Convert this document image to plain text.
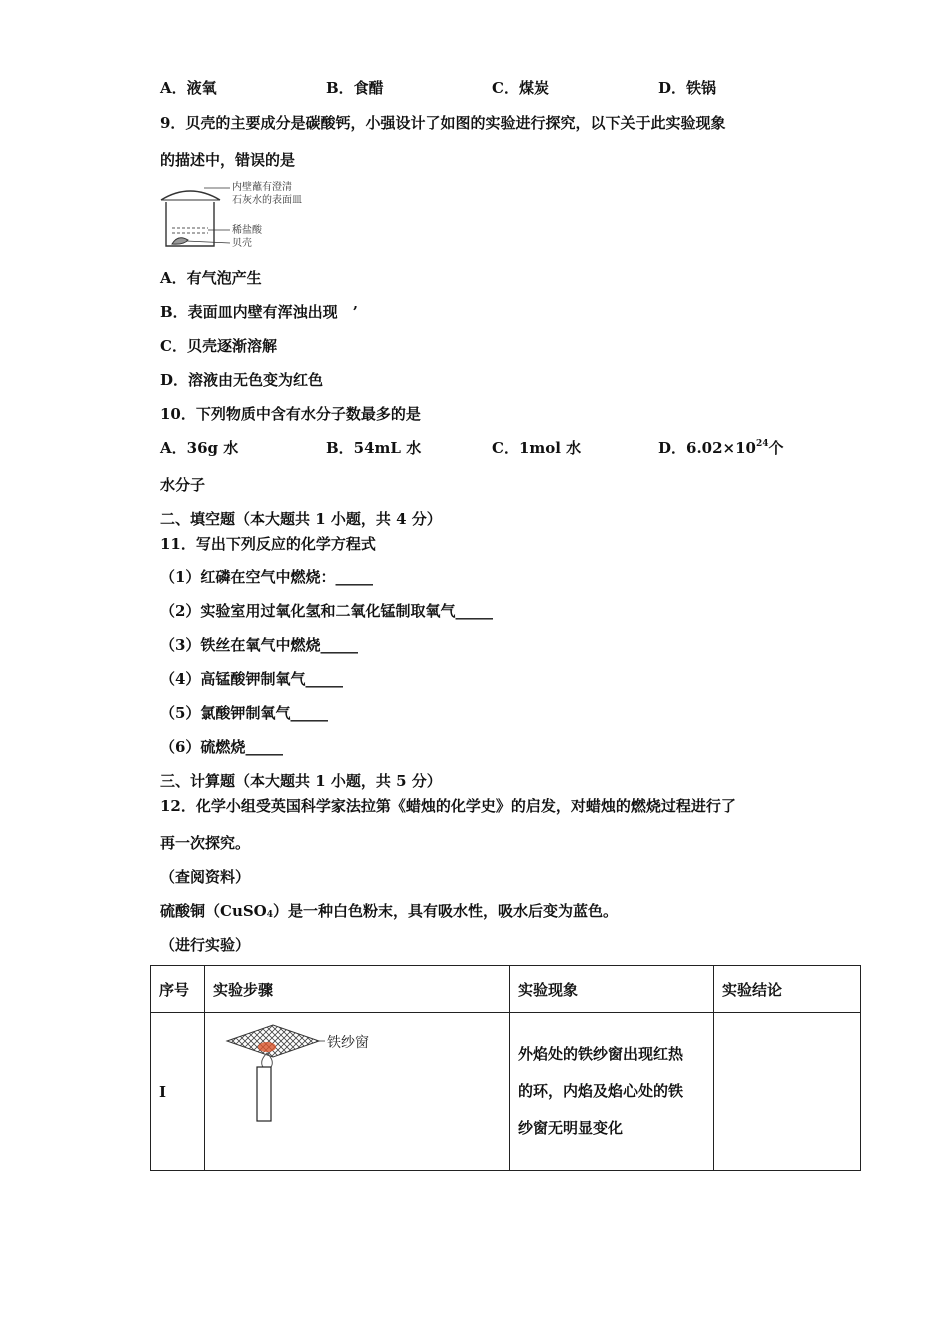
A．液氧	B．食醋	C．煤炭	D．铁锅
9．贝壳的主要成分是碳酸钙，小强设计了如图的实验进行探究，以下关于此实验现象
的描述中，错误的是
内壁蘸有澄清
石灰水的表面皿
稀盐酸
贝壳
A．有气泡产生
B．表面皿内壁有浑浊出现　’
C．贝壳逐渐溶解
D．溶液由无色变为红色
10．下列物质中含有水分子数最多的是
A．36g 水	B．54mL 水	C．1mol 水	D．$6.02\times 10^{24}$个
水分子
二、填空题（本大题共 1 小题，共 4 分）
11．写出下列反应的化学方程式
（1）红磷在空气中燃烧：_____
（2）实验室用过氧化氢和二氧化锰制取氧气_____
（3）铁丝在氧气中燃烧_____
（4）高锰酸钾制氧气_____
（5）氯酸钾制氧气_____
（6）硫燃烧_____
三、计算题（本大题共 1 小题，共 5 分）
12．化学小组受英国科学家法拉第《蜡烛的化学史》的启发，对蜡烛的燃烧过程进行了
再一次探究。
（查阅资料）
硫酸铜（CuSO$_4$）是一种白色粉末，具有吸水性，吸水后变为蓝色。
（进行实验）
序号	实验步骤	实验现象	实验结论
I	铁纱窗	外焰处的铁纱窗出现红热
的环，内焰及焰心处的铁
纱窗无明显变化	
